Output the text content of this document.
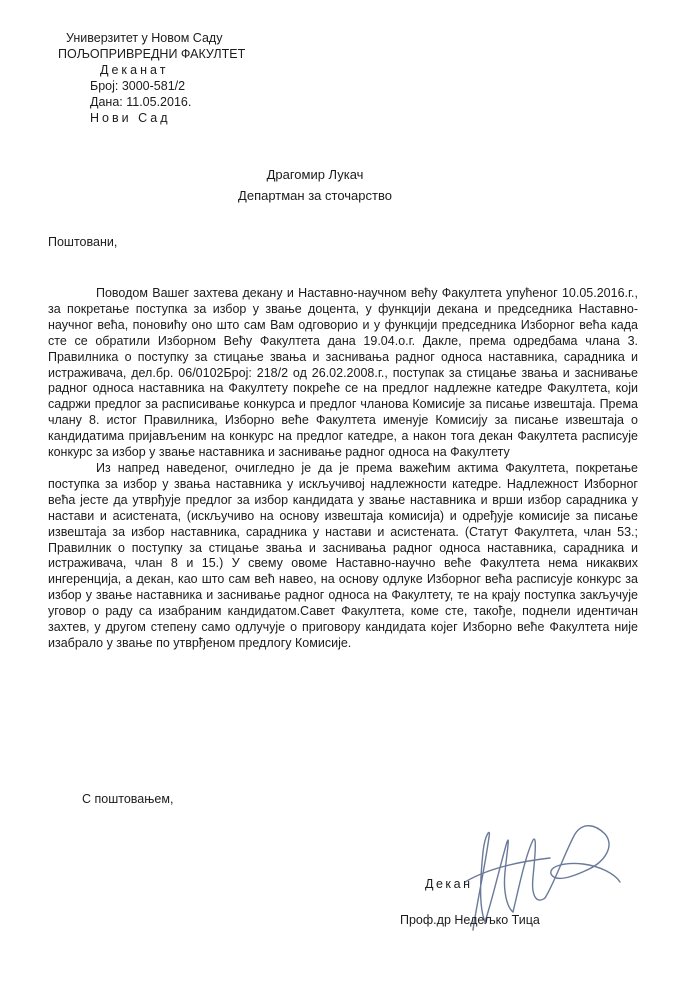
Универзитет у Новом Саду
ПОЉОПРИВРЕДНИ ФАКУЛТЕТ
Деканат
Број: 3000-581/2
Дана: 11.05.2016.
Нови Сад
Драгомир Лукач
Департман за сточарство
Поштовани,

Поводом Вашег захтева декану и Наставно-научном већу Факултета упућеног 10.05.2016.г., за покретање поступка за избор у звање доцента, у функцији декана и председника Наставно-научног већа, поновићу оно што сам Вам одговорио и у функцији председника Изборног већа када сте се обратили Изборном Већу Факултета дана 19.04.о.г. Дакле, према одредбама члана 3. Правилника о поступку за стицање звања и заснивања радног односа наставника, сарадника и истраживача, дел.бр. 06/0102Број: 218/2 од 26.02.2008.г., поступак за стицање звања и заснивање радног односа наставника на Факултету покреће се на предлог надлежне катедре Факултета, који садржи предлог за расписивање конкурса и предлог чланова Комисије за писање извештаја. Према члану 8. истог Правилника, Изборно веће Факултета именује Комисију за писање извештаја о кандидатима пријављеним на конкурс на предлог катедре, а након тога декан Факултета расписује конкурс за избор у звање наставника и заснивање радног односа на Факултету

Из напред наведеног, очигледно је да је према важећим актима Факултета, покретање поступка за избор у звања наставника у искључивој надлежности катедре. Надлежност Изборног већа јесте да утврђује предлог за избор кандидата у звање наставника и врши избор сарадника у настави и асистената, (искључиво на основу извештаја комисија) и одређује комисије за писање извештаја за избор наставника, сарадника у настави и асистената. (Статут Факултета, члан 53.; Правилник о поступку за стицање звања и заснивања радног односа наставника, сарадника и истраживача, члан 8 и 15.) У свему овоме Наставно-научно веће Факултета нема никаквих ингеренција, а декан, као што сам већ навео, на основу одлуке Изборног већа расписује конкурс за избор у звање наставника и заснивање радног односа на Факултету, те на крају поступка закључује уговор о раду са изабраним кандидатом.Савет Факултета, коме сте, такође, поднели идентичан захтев, у другом степену само одлучује о приговору кандидата којег Изборно веће Факултета није изабрало у звање по утврђеном предлогу Комисије.

С поштовањем,
Декан
Проф.др Недељко Тица
